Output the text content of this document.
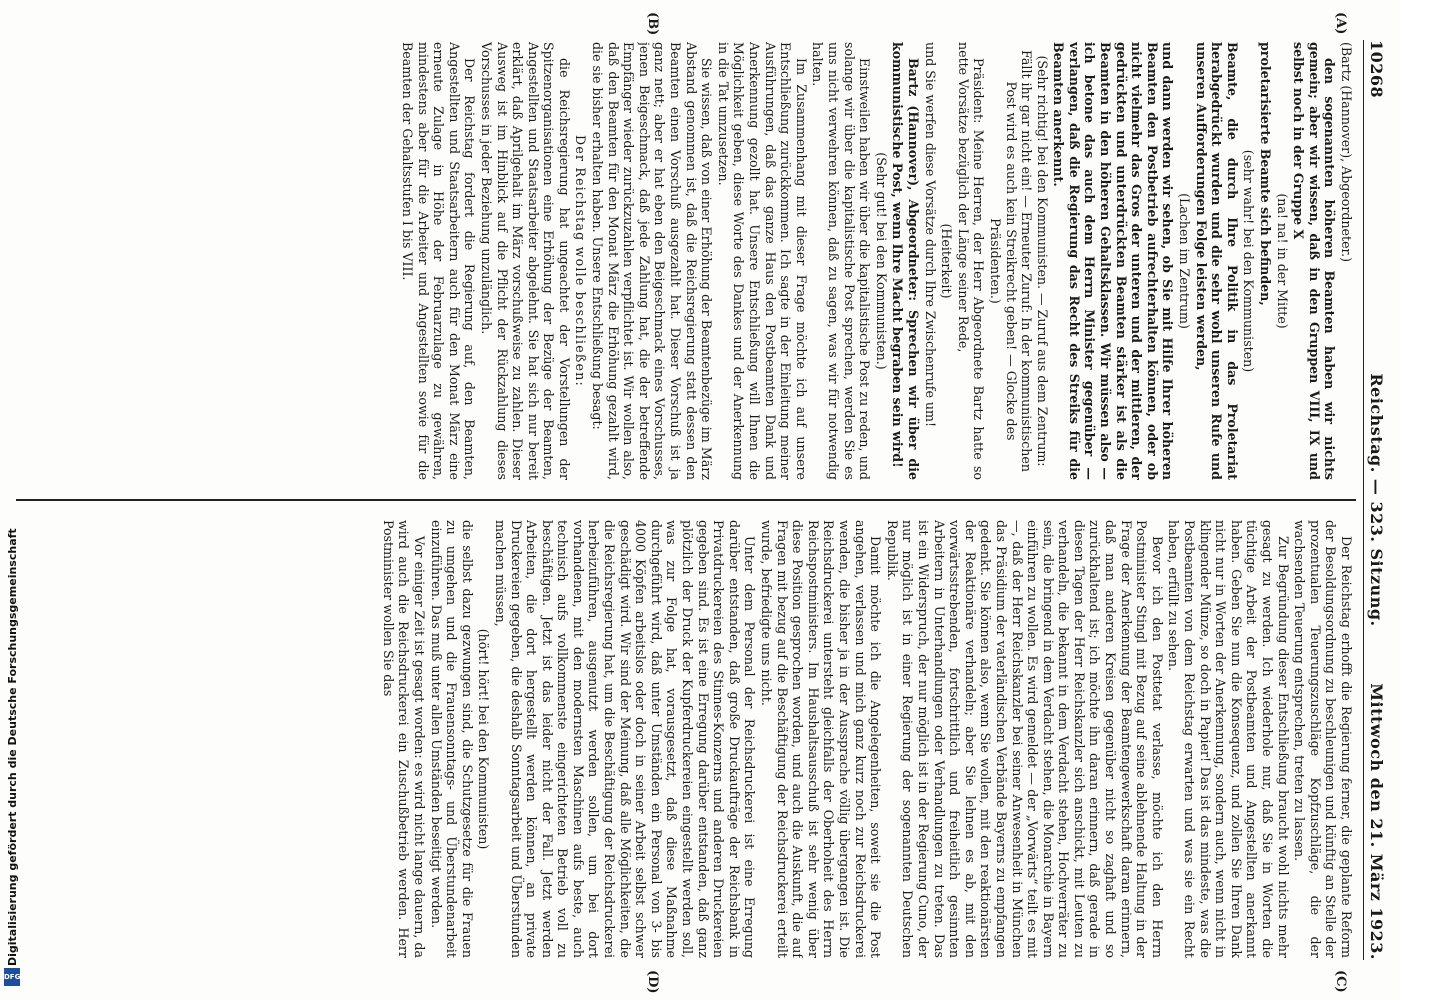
10268
Reichstag. — 323. Sitzung.
Mittwoch den 21. März 1923.
(A)
(B)
(C)
(D)

(Bartz (Hannover), Abgeordneter.)

den sogenannten höheren Beamten haben wir nichts gemein; aber wir wissen, daß in den Gruppen VIII, IX und selbst noch in der Gruppe X

(na! na! in der Mitte)

proletarisierte Beamte sich befinden,

(sehr wahr! bei den Kommunisten)

Beamte, die durch Ihre Politik in das Proletariat herabgedrückt wurden und die sehr wohl unseren Rufe und unseren Aufforderungen Folge leisten werden,

(Lachen im Zentrum)

und dann werden wir sehen, ob Sie mit Hilfe Ihrer höheren Beamten den Postbetrieb aufrechterhalten können, oder ob nicht vielmehr das Gros der unteren und der mittleren, der gedrückten und unterdrückten Beamten stärker ist als die Beamten in den höheren Gehaltsklassen. Wir müssen also — ich betone das auch dem Herrn Minister gegenüber — verlangen, daß die Regierung das Recht des Streiks für die Beamten anerkennt.

(Sehr richtig! bei den Kommunisten. — Zuruf aus dem Zentrum: Fällt ihr gar nicht ein! — Erneuter Zuruf: In der kommunistischen Post wird es auch kein Streikrecht geben! — Glocke des Präsidenten.)

Präsident: Meine Herren, der Herr Abgeordnete Bartz hatte so nette Vorsätze bezüglich der Länge seiner Rede,

(Heiterkeit)

und Sie werfen diese Vorsätze durch Ihre Zwischenrufe um!

Bartz (Hannover), Abgeordneter: Sprechen wir über die kommunistische Post, wenn Ihre Macht begraben sein wird!

(Sehr gut! bei den Kommunisten.)

Einstweilen haben wir über die kapitalistische Post zu reden, und solange wir über die kapitalistische Post sprechen, werden Sie es uns nicht verwehren können, daß zu sagen, was wir für notwendig halten.

Im Zusammenhang mit dieser Frage möchte ich auf unsere Entschließung zurückkommen. Ich sagte in der Einleitung meiner Ausführungen, daß das ganze Haus den Postbeamten Dank und Anerkennung gezollt hat. Unsere Entschließung will Ihnen die Möglichkeit geben, diese Worte des Dankes und der Anerkennung in die Tat umzusetzen.

Sie wissen, daß von einer Erhöhung der Beamtenbezüge im März Abstand genommen ist, daß die Reichsregierung statt dessen den Beamten einen Vorschuß ausgezahlt hat. Dieser Vorschuß ist ja ganz nett; aber er hat eben den Beigeschmack eines Vorschusses, jenen Beigeschmack, daß jede Zahlung hat, die der betreffende Empfänger wieder zurückzuzahlen verpflichtet ist. Wir wollen also, daß den Beamten für den Monat März die Erhöhung gezahlt wird, die sie bisher erhalten haben. Unsere Entschließung besagt:

Der Reichstag wolle beschließen:

die Reichsregierung hat ungeachtet der Vorstellungen der Spitzenorganisationen eine Erhöhung der Bezüge der Beamten, Angestellten und Staatsarbeiter abgelehnt. Sie hat sich nur bereit erklärt, daß Aprilgehalt im März vorschußweise zu zahlen. Dieser Ausweg ist im Hinblick auf die Pflicht der Rückzahlung dieses Vorschusses in jeder Beziehung unzulänglich.

Der Reichstag fordert die Regierung auf, den Beamten, Angestellten und Staatsarbeitern auch für den Monat März eine erneute Zulage in Höhe der Februarzulage zu gewähren, mindestens aber für die Arbeiter und Angestellten sowie für die Beamten der Gehaltsstufen I bis VIII.

Der Reichstag erhofft die Regierung ferner, die geplante Reform der Besoldungsordnung zu beschleunigen und künftig an Stelle der prozentualen Teuerungszuschläge Kopfzuschläge, die der wachsenden Teuerung entsprechen, treten zu lassen.

Zur Begründung dieser Entschließung braucht wohl nichts mehr gesagt zu werden. Ich wiederhole nur, daß Sie in Worten die tüchtige Arbeit der Postbeamten und Angestellten anerkannt haben. Geben Sie nun die Konsequenz, und zollen Sie Ihren Dank nicht nur in Worten der Anerkennung, sondern auch, wenn nicht in klingender Münze, so doch in Papier! Das ist das mindeste, was die Postbeamten von dem Reichstag erwarten und was sie ein Recht haben, erfüllt zu sehen.

Bevor ich den Posttetat verlasse, möchte ich den Herrn Postminister Stingl mit Bezug auf seine ablehnende Haltung in der Frage der Anerkennung der Beamtengewerkschaft daran erinnern, daß man anderen Kreisen gegenüber nicht so zaghaft und so zurückhaltend ist; ich möchte ihn daran erinnern, daß gerade in diesen Tagen der Herr Reichskanzler sich anschickt, mit Leuten zu verhandeln, die bekannt in dem Verdacht stehen, Hochverräter zu sein, die bringend in dem Verdacht stehen, die Monarchie in Bayern einführen zu wollen. Es wird gemeldet — der „Vorwärts“ teilt es mit —, daß der Herr Reichskanzler bei seiner Anwesenheit in München das Präsidium der vaterländischen Verbände Bayerns zu empfangen gedenkt. Sie können also, wenn Sie wollen, mit den reaktionärsten der Reaktionäre verhandeln; aber Sie lehnen es ab, mit den vorwärtsstrebenden, fortschrittlich und freiheitlich gesinnten Arbeitern in Unterhandlungen oder Verhandlungen zu treten. Das ist ein Widerspruch, der nur möglich ist in der Regierung Cuno, der nur möglich ist in einer Regierung der sogenannten Deutschen Republik.

Damit möchte ich die Angelegenheiten, soweit sie die Post angehen, verlassen und mich ganz kurz noch zur Reichsdruckerei wenden, die bisher ja in der Aussprache völlig übergangen ist. Die Reichsdruckerei untersteht gleichfalls der Oberhoheit des Herrn Reichspostministers. Im Haushaltsausschuß ist sehr wenig über diese Position gesprochen worden, und auch die Auskunft, die auf Fragen mit bezug auf die Beschäftigung der Reichsdruckerei erteilt wurde, befriedigte uns nicht.

Unter dem Personal der Reichsdruckerei ist eine Erregung darüber entstanden, daß große Druckaufträge der Reichsbank in Privatdruckereien des Stinnes-Konzerns und anderen Druckereien gegeben sind. Es ist eine Erregung darüber entstanden, daß ganz plötzlich der Druck der Kupferdruckereien eingestellt werden soll, was zur Folge hat, vorausgesetzt, daß diese Maßnahme durchgeführt wird, daß unter Umständen ein Personal von 3- bis 4000 Köpfen arbeitslos oder doch in seiner Arbeit selbst schwer geschädigt wird. Wir sind der Meinung, daß alle Möglichkeiten, die die Reichsregierung hat, um die Beschäftigung der Reichsdruckerei herbeizuführen, ausgenutzt werden sollen, um bei dort vorhandenen, mit den modernsten Maschinen aufs beste, auch technisch aufs vollkommenste eingerichteten Betrieb voll zu beschäftigen. Jetzt ist das leider nicht der Fall. Jetzt werden Arbeiten, die dort hergestellt werden können, an private Druckereien gegeben, die deshalb Sonntagsarbeit und Überstunden machen müssen,

(hört! hört! bei den Kommunisten)

die selbst dazu gezwungen sind, die Schutzgesetze für die Frauen zu umgehen und die Frauensonntags- und Überstundenarbeit einzuführen. Das muß unter allen Umständen beseitigt werden.

Vor einiger Zeit ist gesagt worden: es wird nicht lange dauern, da wird auch die Reichsdruckerei ein Zuschußbetrieb werden. Herr Postminister wollen Sie das

Digitalisierung gefördert durch die Deutsche Forschungsgemeinschaft
DFG
